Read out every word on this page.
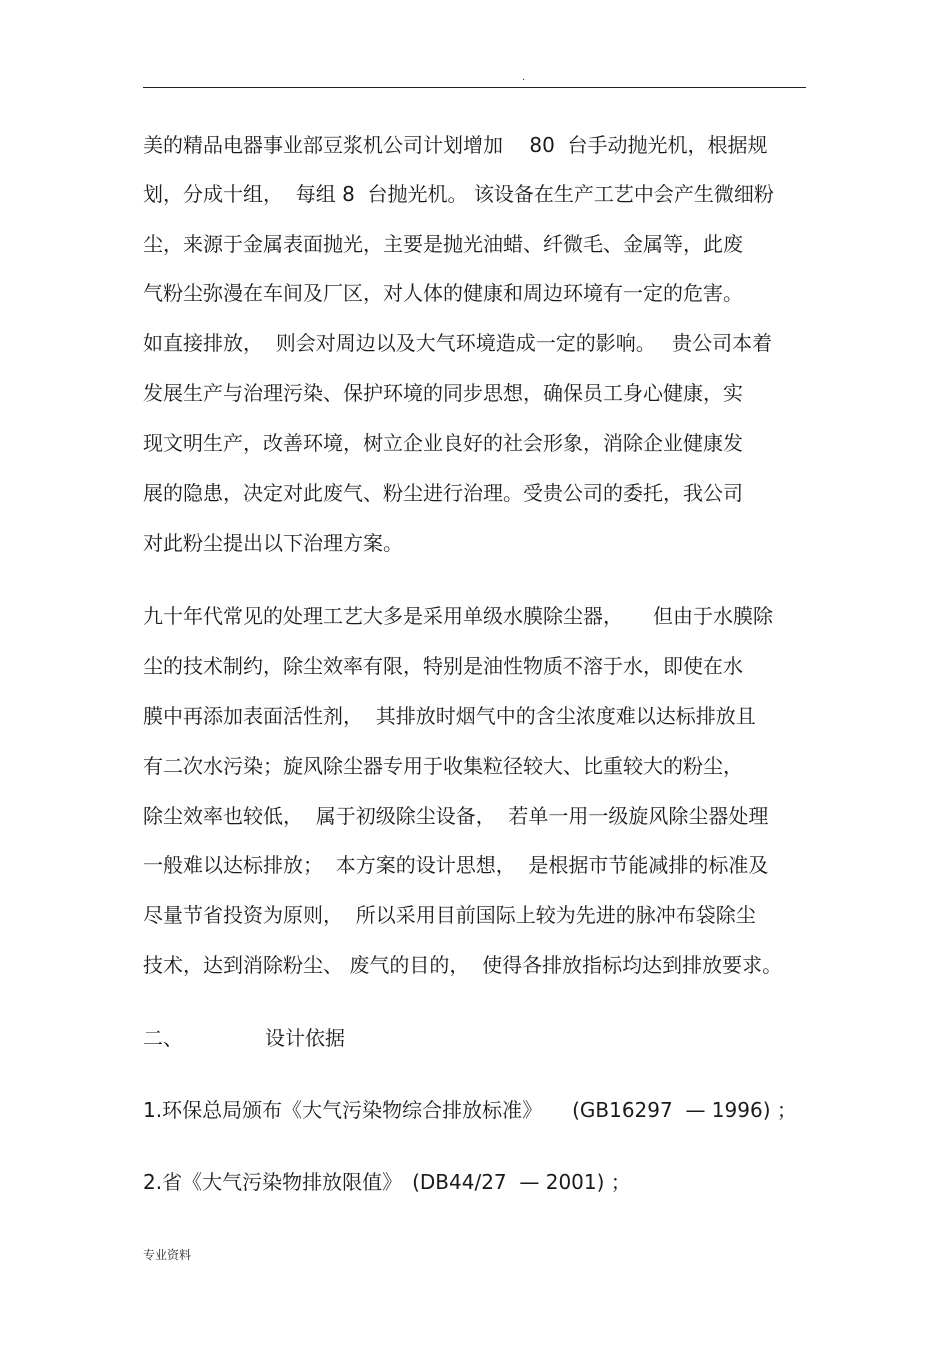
.
美的精品电器事业部豆浆机公司计划增加　 80  台手动抛光机，根据规
划，分成十组，  每组 8  台抛光机。 该设备在生产工艺中会产生微细粉
尘，来源于金属表面抛光，主要是抛光油蜡、纤微毛、金属等，此废
气粉尘弥漫在车间及厂区，对人体的健康和周边环境有一定的危害。
如直接排放，  则会对周边以及大气环境造成一定的影响。　 贵公司本着
发展生产与治理污染、保护环境的同步思想，确保员工身心健康，实
现文明生产，改善环境，树立企业良好的社会形象，消除企业健康发
展的隐患，决定对此废气、粉尘进行治理。受贵公司的委托，我公司
对此粉尘提出以下治理方案。
九十年代常见的处理工艺大多是采用单级水膜除尘器，　　但由于水膜除
尘的技术制约，除尘效率有限，特别是油性物质不溶于水，即使在水
膜中再添加表面活性剂，  其排放时烟气中的含尘浓度难以达标排放且
有二次水污染；旋风除尘器专用于收集粒径较大、比重较大的粉尘，
除尘效率也较低，  属于初级除尘设备，  若单一用一级旋风除尘器处理
一般难以达标排放；  本方案的设计思想，  是根据市节能减排的标准及
尽量节省投资为原则，  所以采用目前国际上较为先进的脉冲布袋除尘
技术，达到消除粉尘、 废气的目的，  使得各排放指标均达到排放要求。
二、	设计依据
1.环保总局颁布《大气污染物综合排放标准》　　(GB16297  — 1996) ；
2.省《大气污染物排放限值》　(DB44/27  — 2001) ；
专业资料
